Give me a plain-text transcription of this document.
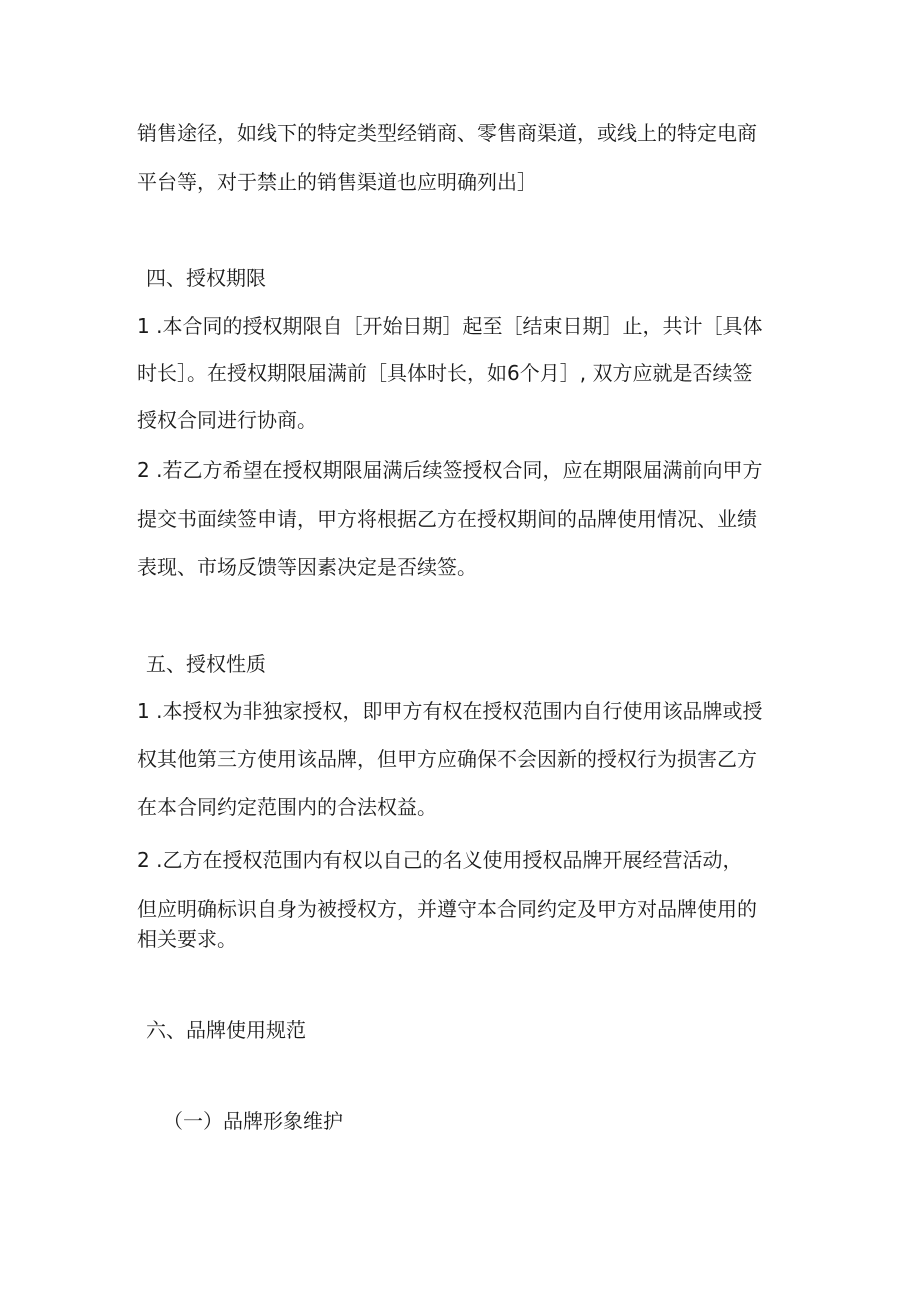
销售途径，如线下的特定类型经销商、零售商渠道，或线上的特定电商
平台等，对于禁止的销售渠道也应明确列出］
四、授权期限
1 .本合同的授权期限自［开始日期］起至［结束日期］止，共计［具体
时长］。在授权期限届满前［具体时长，如6个月］, 双方应就是否续签
授权合同进行协商。
2 .若乙方希望在授权期限届满后续签授权合同，应在期限届满前向甲方
提交书面续签申请，甲方将根据乙方在授权期间的品牌使用情况、业绩
表现、市场反馈等因素决定是否续签。
五、授权性质
1 .本授权为非独家授权，即甲方有权在授权范围内自行使用该品牌或授
权其他第三方使用该品牌，但甲方应确保不会因新的授权行为损害乙方
在本合同约定范围内的合法权益。
2 .乙方在授权范围内有权以自己的名义使用授权品牌开展经营活动，
但应明确标识自身为被授权方，并遵守本合同约定及甲方对品牌使用的
相关要求。
六、品牌使用规范
（一）品牌形象维护
